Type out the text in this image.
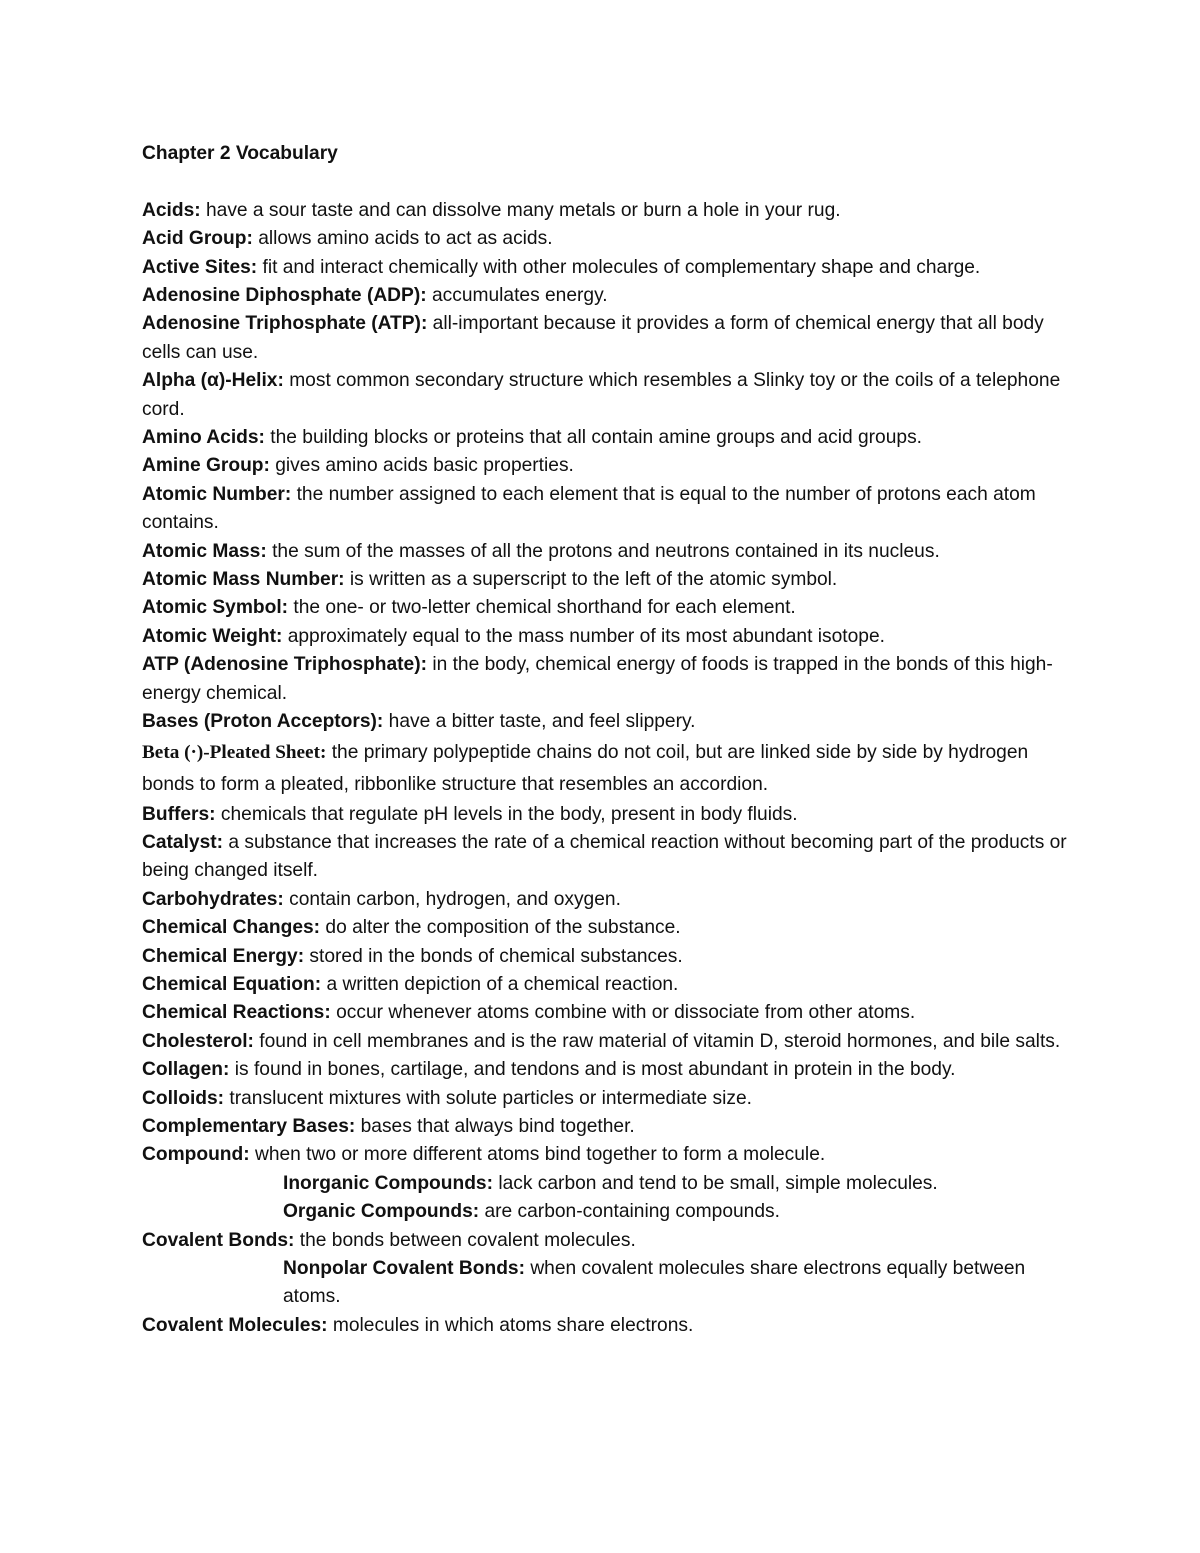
Chapter 2 Vocabulary

Acids: have a sour taste and can dissolve many metals or burn a hole in your rug.

Acid Group: allows amino acids to act as acids.

Active Sites: fit and interact chemically with other molecules of complementary shape and charge.

Adenosine Diphosphate (ADP): accumulates energy.

Adenosine Triphosphate (ATP): all-important because it provides a form of chemical energy that all body cells can use.

Alpha (α)-Helix: most common secondary structure which resembles a Slinky toy or the coils of a telephone cord.

Amino Acids: the building blocks or proteins that all contain amine groups and acid groups.

Amine Group: gives amino acids basic properties.

Atomic Number: the number assigned to each element that is equal to the number of protons each atom contains.

Atomic Mass: the sum of the masses of all the protons and neutrons contained in its nucleus.

Atomic Mass Number: is written as a superscript to the left of the atomic symbol.

Atomic Symbol: the one- or two-letter chemical shorthand for each element.

Atomic Weight: approximately equal to the mass number of its most abundant isotope.

ATP (Adenosine Triphosphate): in the body, chemical energy of foods is trapped in the bonds of this high-energy chemical.

Bases (Proton Acceptors): have a bitter taste, and feel slippery.

Beta (·)-Pleated Sheet: the primary polypeptide chains do not coil, but are linked side by side by hydrogen bonds to form a pleated, ribbonlike structure that resembles an accordion.

Buffers: chemicals that regulate pH levels in the body, present in body fluids.

Catalyst: a substance that increases the rate of a chemical reaction without becoming part of the products or being changed itself.

Carbohydrates: contain carbon, hydrogen, and oxygen.

Chemical Changes: do alter the composition of the substance.

Chemical Energy: stored in the bonds of chemical substances.

Chemical Equation: a written depiction of a chemical reaction.

Chemical Reactions: occur whenever atoms combine with or dissociate from other atoms.

Cholesterol: found in cell membranes and is the raw material of vitamin D, steroid hormones, and bile salts.

Collagen: is found in bones, cartilage, and tendons and is most abundant in protein in the body.

Colloids: translucent mixtures with solute particles or intermediate size.

Complementary Bases: bases that always bind together.

Compound: when two or more different atoms bind together to form a molecule.

Inorganic Compounds: lack carbon and tend to be small, simple molecules.

Organic Compounds: are carbon-containing compounds.

Covalent Bonds: the bonds between covalent molecules.

Nonpolar Covalent Bonds: when covalent molecules share electrons equally between atoms.

Covalent Molecules: molecules in which atoms share electrons.
